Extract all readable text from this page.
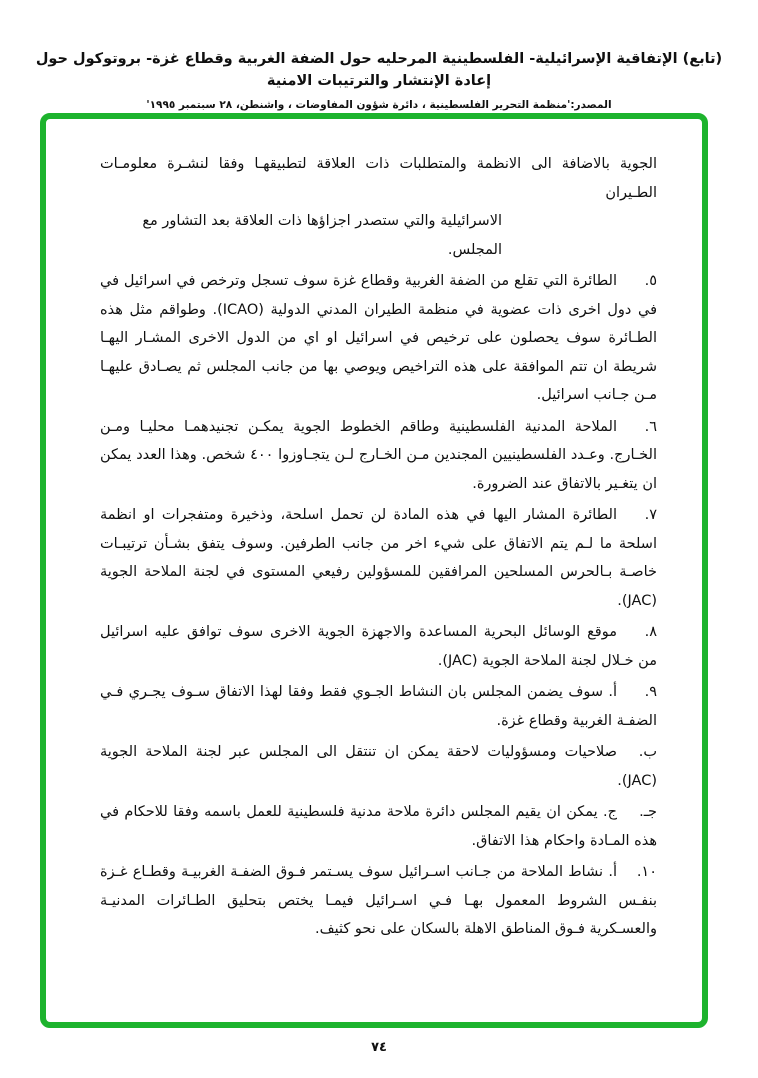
(تابع) الإتفاقية الإسرائيلية- الفلسطينية المرحليه حول الضفة الغربية وقطاع غزة- بروتوكول حول إعادة الإنتشار والترتيبات الامنية
المصدر:'منظمة التحرير الفلسطينية ، دائرة شؤون المفاوضات ، واشنطن، ٢٨ سبتمبر ١٩٩٥'
الجوية بالاضافة الى الانظمة والمتطلبات ذات العلاقة لتطبيقهـا وفقا لنشـرة معلومـات الطـيران
الاسرائيلية والتي ستصدر اجزاؤها ذات العلاقة بعد التشاور مع المجلس.
٥.
الطائرة التي تقلع من الضفة الغربية وقطاع غزة سوف تسجل وترخص في اسرائيل في في دول اخرى ذات عضوية في منظمة الطيران المدني الدولية (ICAO). وطواقم مثل هذه الطـائرة سوف يحصلون على ترخيص في اسرائيل او اي من الدول الاخرى المشـار اليهـا شريطة ان تتم الموافقة على هذه التراخيص ويوصي بها من جانب المجلس ثم يصـادق عليهـا مـن جـانب اسرائيل.
٦.
الملاحة المدنية الفلسطينية وطاقم الخطوط الجوية يمكـن تجنيدهمـا محليـا ومـن الخـارج. وعـدد الفلسطينيين المجندين مـن الخـارج لـن يتجـاوزوا ٤٠٠ شخص. وهذا العدد يمكن ان يتغـير بالاتفاق عند الضرورة.
٧.
الطائرة المشار اليها في هذه المادة لن تحمل اسلحة، وذخيرة ومتفجرات او انظمة اسلحة ما لـم يتم الاتفاق على شيء اخر من جانب الطرفين. وسوف يتفق بشـأن ترتيبـات خاصـة بـالحرس المسلحين المرافقين للمسؤولين رفيعي المستوى في لجنة الملاحة الجوية (JAC).
٨.
موقع الوسائل البحرية المساعدة والاجهزة الجوية الاخرى سوف توافق عليه اسرائيل من خـلال لجنة الملاحة الجوية (JAC).
٩.
أ. سوف يضمن المجلس بان النشاط الجـوي فقط وفقا لهذا الاتفاق سـوف يجـري فـي الضفـة الغربية وقطاع غزة.
ب.
صلاحيات ومسؤوليات لاحقة يمكن ان تنتقل الى المجلس عبر لجنة الملاحة الجوية (JAC).
جـ.
ج. يمكن ان يقيم المجلس دائرة ملاحة مدنية فلسطينية للعمل باسمه وفقا للاحكام في هذه المـادة واحكام هذا الاتفاق.
١٠.
أ. نشاط الملاحة من جـانب اسـرائيل سوف يسـتمر فـوق الضفـة الغربيـة وقطـاع غـزة بنفـس الشروط المعمول بهـا فـي اسـرائيل فيمـا يختص بتحليق الطـائرات المدنيـة والعسـكرية فـوق المناطق الاهلة بالسكان على نحو كثيف.
٧٤
